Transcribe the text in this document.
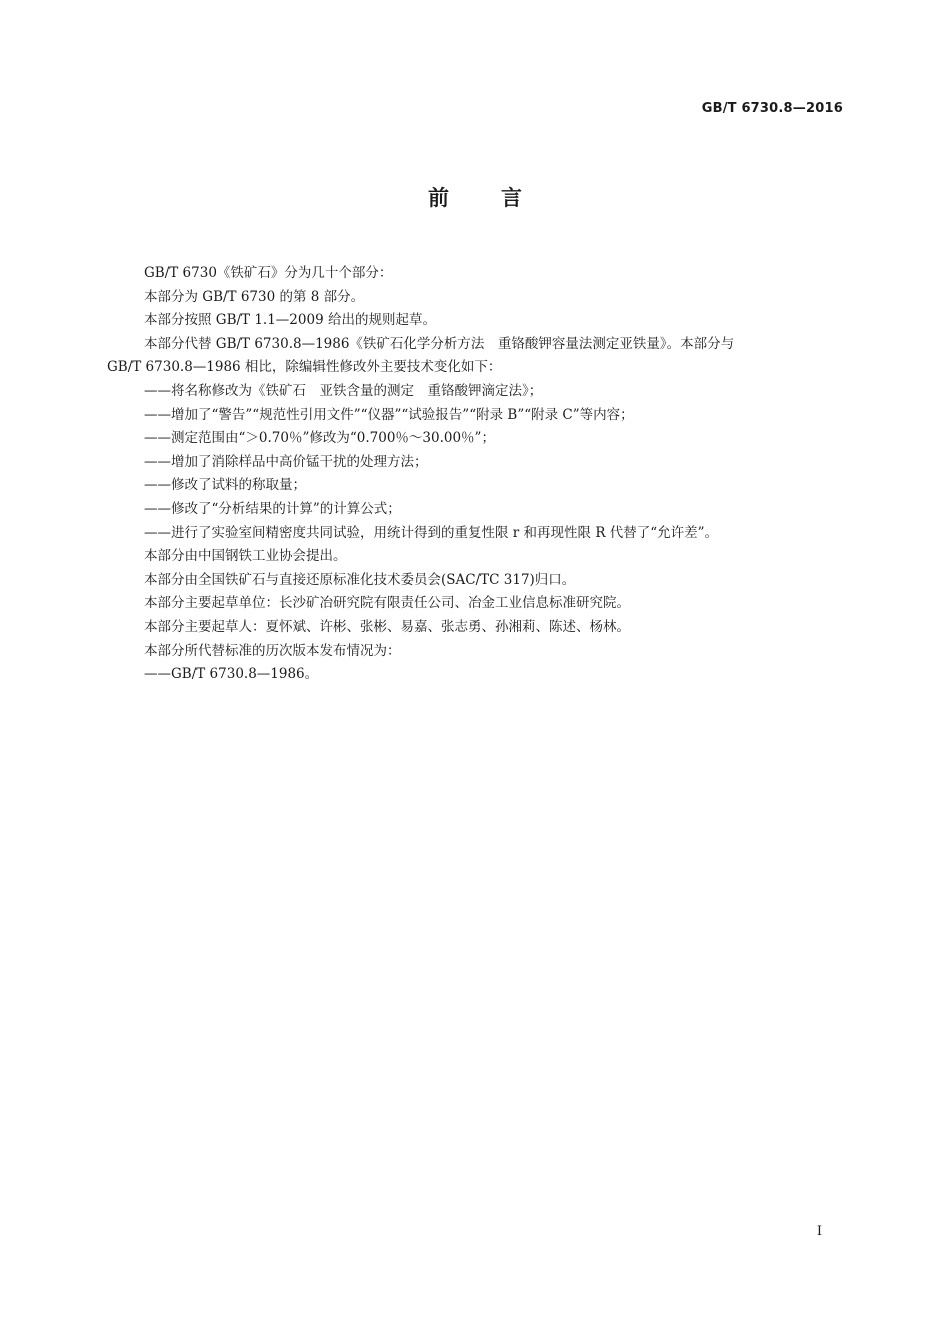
GB/T 6730.8—2016
前言

GB/T 6730《铁矿石》分为几十个部分：

本部分为 GB/T 6730 的第 8 部分。

本部分按照 GB/T 1.1—2009 给出的规则起草。

本部分代替 GB/T 6730.8—1986《铁矿石化学分析方法　重铬酸钾容量法测定亚铁量》。本部分与

GB/T 6730.8—1986 相比，除编辑性修改外主要技术变化如下：

——将名称修改为《铁矿石　亚铁含量的测定　重铬酸钾滴定法》；

——增加了“警告”“规范性引用文件”“仪器”“试验报告”“附录 B”“附录 C”等内容；

——测定范围由“＞0.70％”修改为“0.700％～30.00％”；

——增加了消除样品中高价锰干扰的处理方法；

——修改了试料的称取量；

——修改了“分析结果的计算”的计算公式；

——进行了实验室间精密度共同试验，用统计得到的重复性限 r 和再现性限 R 代替了“允许差”。

本部分由中国钢铁工业协会提出。

本部分由全国铁矿石与直接还原标准化技术委员会(SAC/TC 317)归口。

本部分主要起草单位：长沙矿冶研究院有限责任公司、冶金工业信息标准研究院。

本部分主要起草人：夏怀斌、许彬、张彬、易嘉、张志勇、孙湘莉、陈述、杨林。

本部分所代替标准的历次版本发布情况为：

——GB/T 6730.8—1986。

I
